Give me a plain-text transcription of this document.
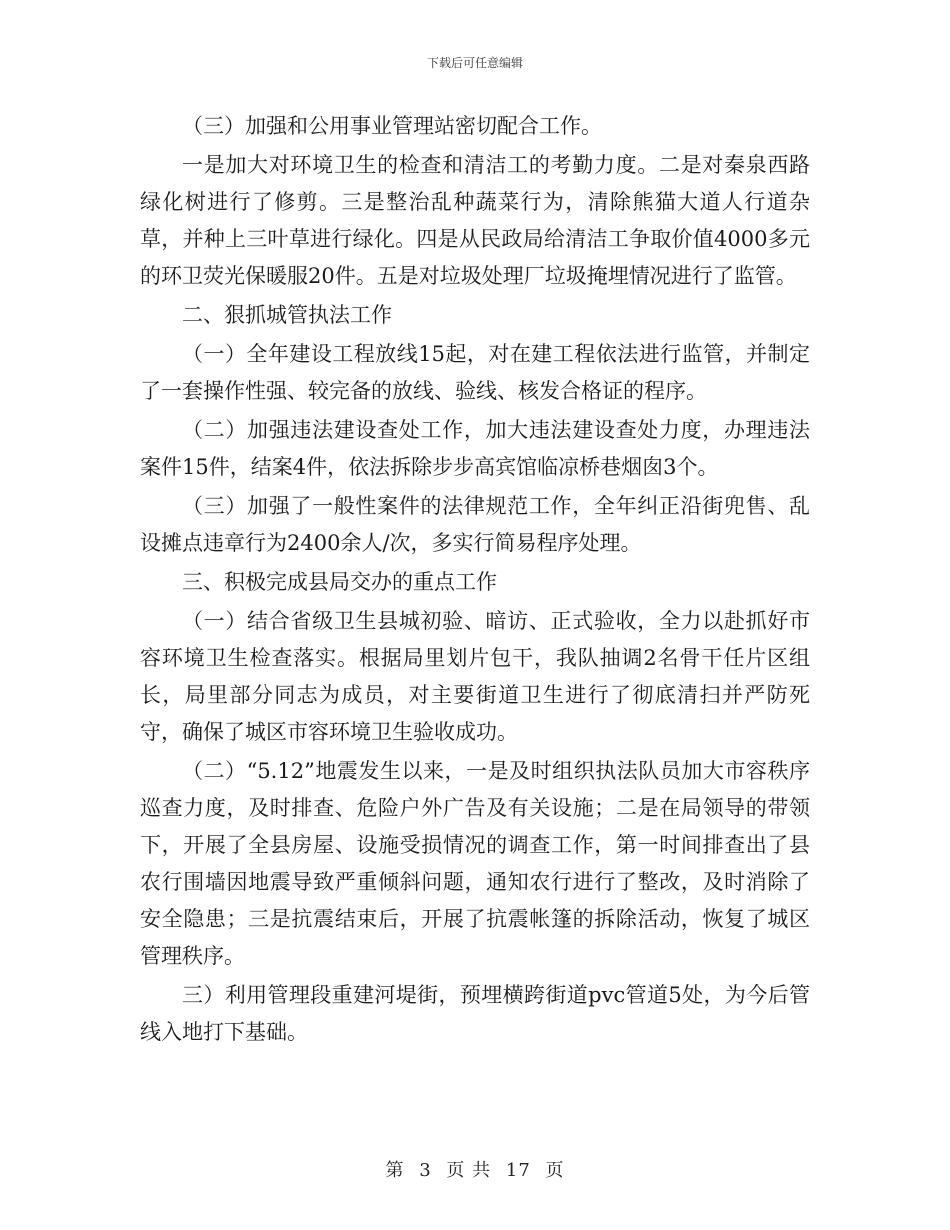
下载后可任意编辑

（三）加强和公用事业管理站密切配合工作。

一是加大对环境卫生的检查和清洁工的考勤力度。二是对秦泉西路绿化树进行了修剪。三是整治乱种蔬菜行为，清除熊猫大道人行道杂草，并种上三叶草进行绿化。四是从民政局给清洁工争取价值4000多元的环卫荧光保暖服20件。五是对垃圾处理厂垃圾掩埋情况进行了监管。

二、狠抓城管执法工作

（一）全年建设工程放线15起，对在建工程依法进行监管，并制定了一套操作性强、较完备的放线、验线、核发合格证的程序。

（二）加强违法建设查处工作，加大违法建设查处力度，办理违法案件15件，结案4件，依法拆除步步高宾馆临凉桥巷烟囱3个。

（三）加强了一般性案件的法律规范工作，全年纠正沿街兜售、乱设摊点违章行为2400余人/次，多实行简易程序处理。

三、积极完成县局交办的重点工作

（一）结合省级卫生县城初验、暗访、正式验收，全力以赴抓好市容环境卫生检查落实。根据局里划片包干，我队抽调2名骨干任片区组长，局里部分同志为成员，对主要街道卫生进行了彻底清扫并严防死守，确保了城区市容环境卫生验收成功。

（二）“5.12”地震发生以来，一是及时组织执法队员加大市容秩序巡查力度，及时排查、危险户外广告及有关设施；二是在局领导的带领下，开展了全县房屋、设施受损情况的调查工作，第一时间排查出了县农行围墙因地震导致严重倾斜问题，通知农行进行了整改，及时消除了安全隐患；三是抗震结束后，开展了抗震帐篷的拆除活动，恢复了城区管理秩序。

三）利用管理段重建河堤街，预埋横跨街道pvc管道5处，为今后管线入地打下基础。

第 3 页 共 17 页
